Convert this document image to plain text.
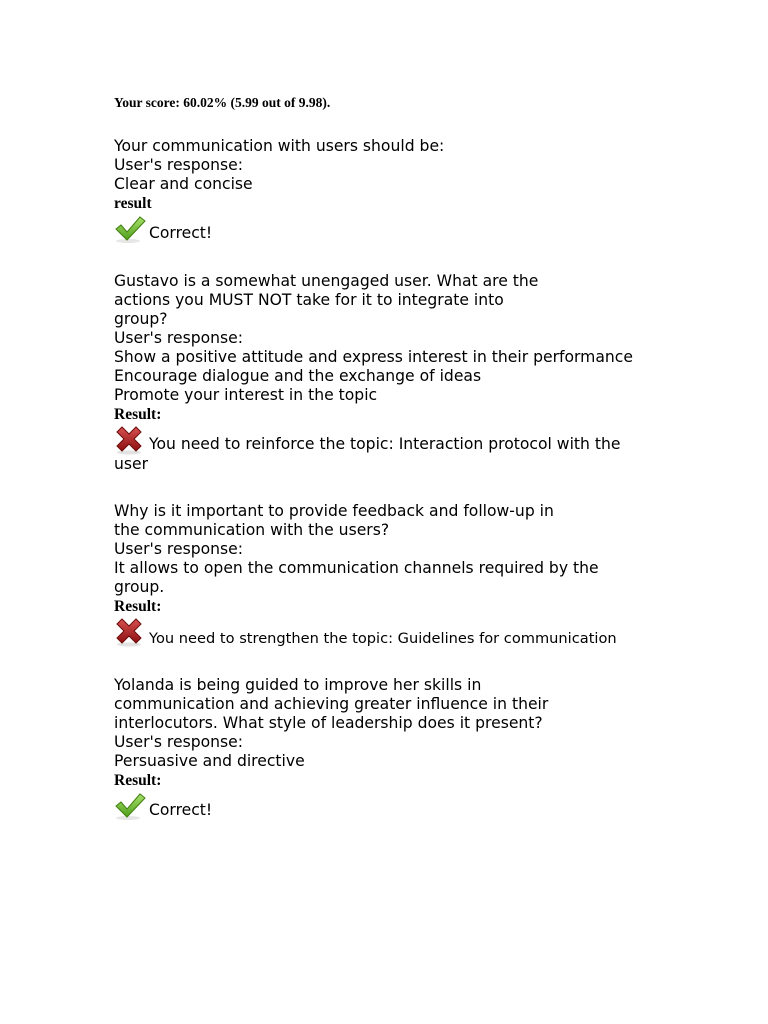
Your score: 60.02% (5.99 out of 9.98).
Your communication with users should be:
User's response:
Clear and concise
result
Correct!
Gustavo is a somewhat unengaged user. What are the
actions you MUST NOT take for it to integrate into
group?
User's response:
Show a positive attitude and express interest in their performance
Encourage dialogue and the exchange of ideas
Promote your interest in the topic
Result:
You need to reinforce the topic: Interaction protocol with the
user
Why is it important to provide feedback and follow-up in
the communication with the users?
User's response:
It allows to open the communication channels required by the
group.
Result:
You need to strengthen the topic: Guidelines for communication
Yolanda is being guided to improve her skills in
communication and achieving greater influence in their
interlocutors. What style of leadership does it present?
User's response:
Persuasive and directive
Result:
Correct!
